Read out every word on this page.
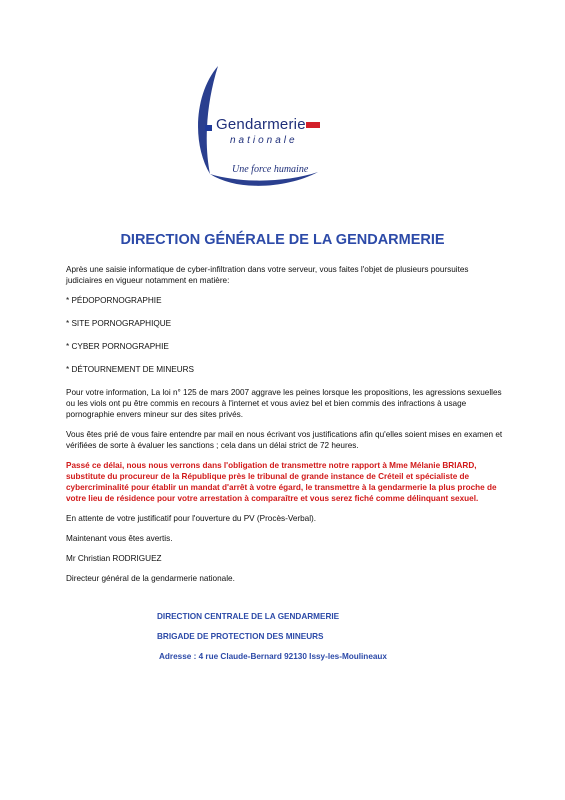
Gendarmerie
nationale
Une force humaine
DIRECTION GÉNÉRALE DE LA GENDARMERIE

Après une saisie informatique de cyber-infiltration dans votre serveur, vous faites l'objet de plusieurs poursuites judiciaires en vigueur notamment en matière:

* PÉDOPORNOGRAPHIE

* SITE PORNOGRAPHIQUE

* CYBER PORNOGRAPHIE

* DÉTOURNEMENT DE MINEURS

Pour votre information, La loi n° 125 de mars 2007 aggrave les peines lorsque les propositions, les agressions sexuelles ou les viols ont pu être commis en recours à l'internet et vous aviez bel et bien commis des infractions à usage pornographie envers mineur sur des sites privés.

Vous êtes prié de vous faire entendre par mail en nous écrivant vos justifications afin qu'elles soient mises en examen et vérifiées de sorte à évaluer les sanctions ; cela dans un délai strict de 72 heures.

Passé ce délai, nous nous verrons dans l'obligation de transmettre notre rapport à Mme Mélanie BRIARD, substitute du procureur de la République près le tribunal de grande instance de Créteil et spécialiste de cybercriminalité pour établir un mandat d'arrêt à votre égard, le transmettre à la gendarmerie la plus proche de votre lieu de résidence pour votre arrestation à comparaître et vous serez fiché comme délinquant sexuel.

En attente de votre justificatif pour l'ouverture du PV (Procès-Verbal).

Maintenant vous êtes avertis.

Mr Christian RODRIGUEZ

Directeur général de la gendarmerie nationale.

DIRECTION CENTRALE DE LA GENDARMERIE

BRIGADE DE PROTECTION DES MINEURS

Adresse : 4 rue Claude-Bernard 92130 Issy-les-Moulineaux
